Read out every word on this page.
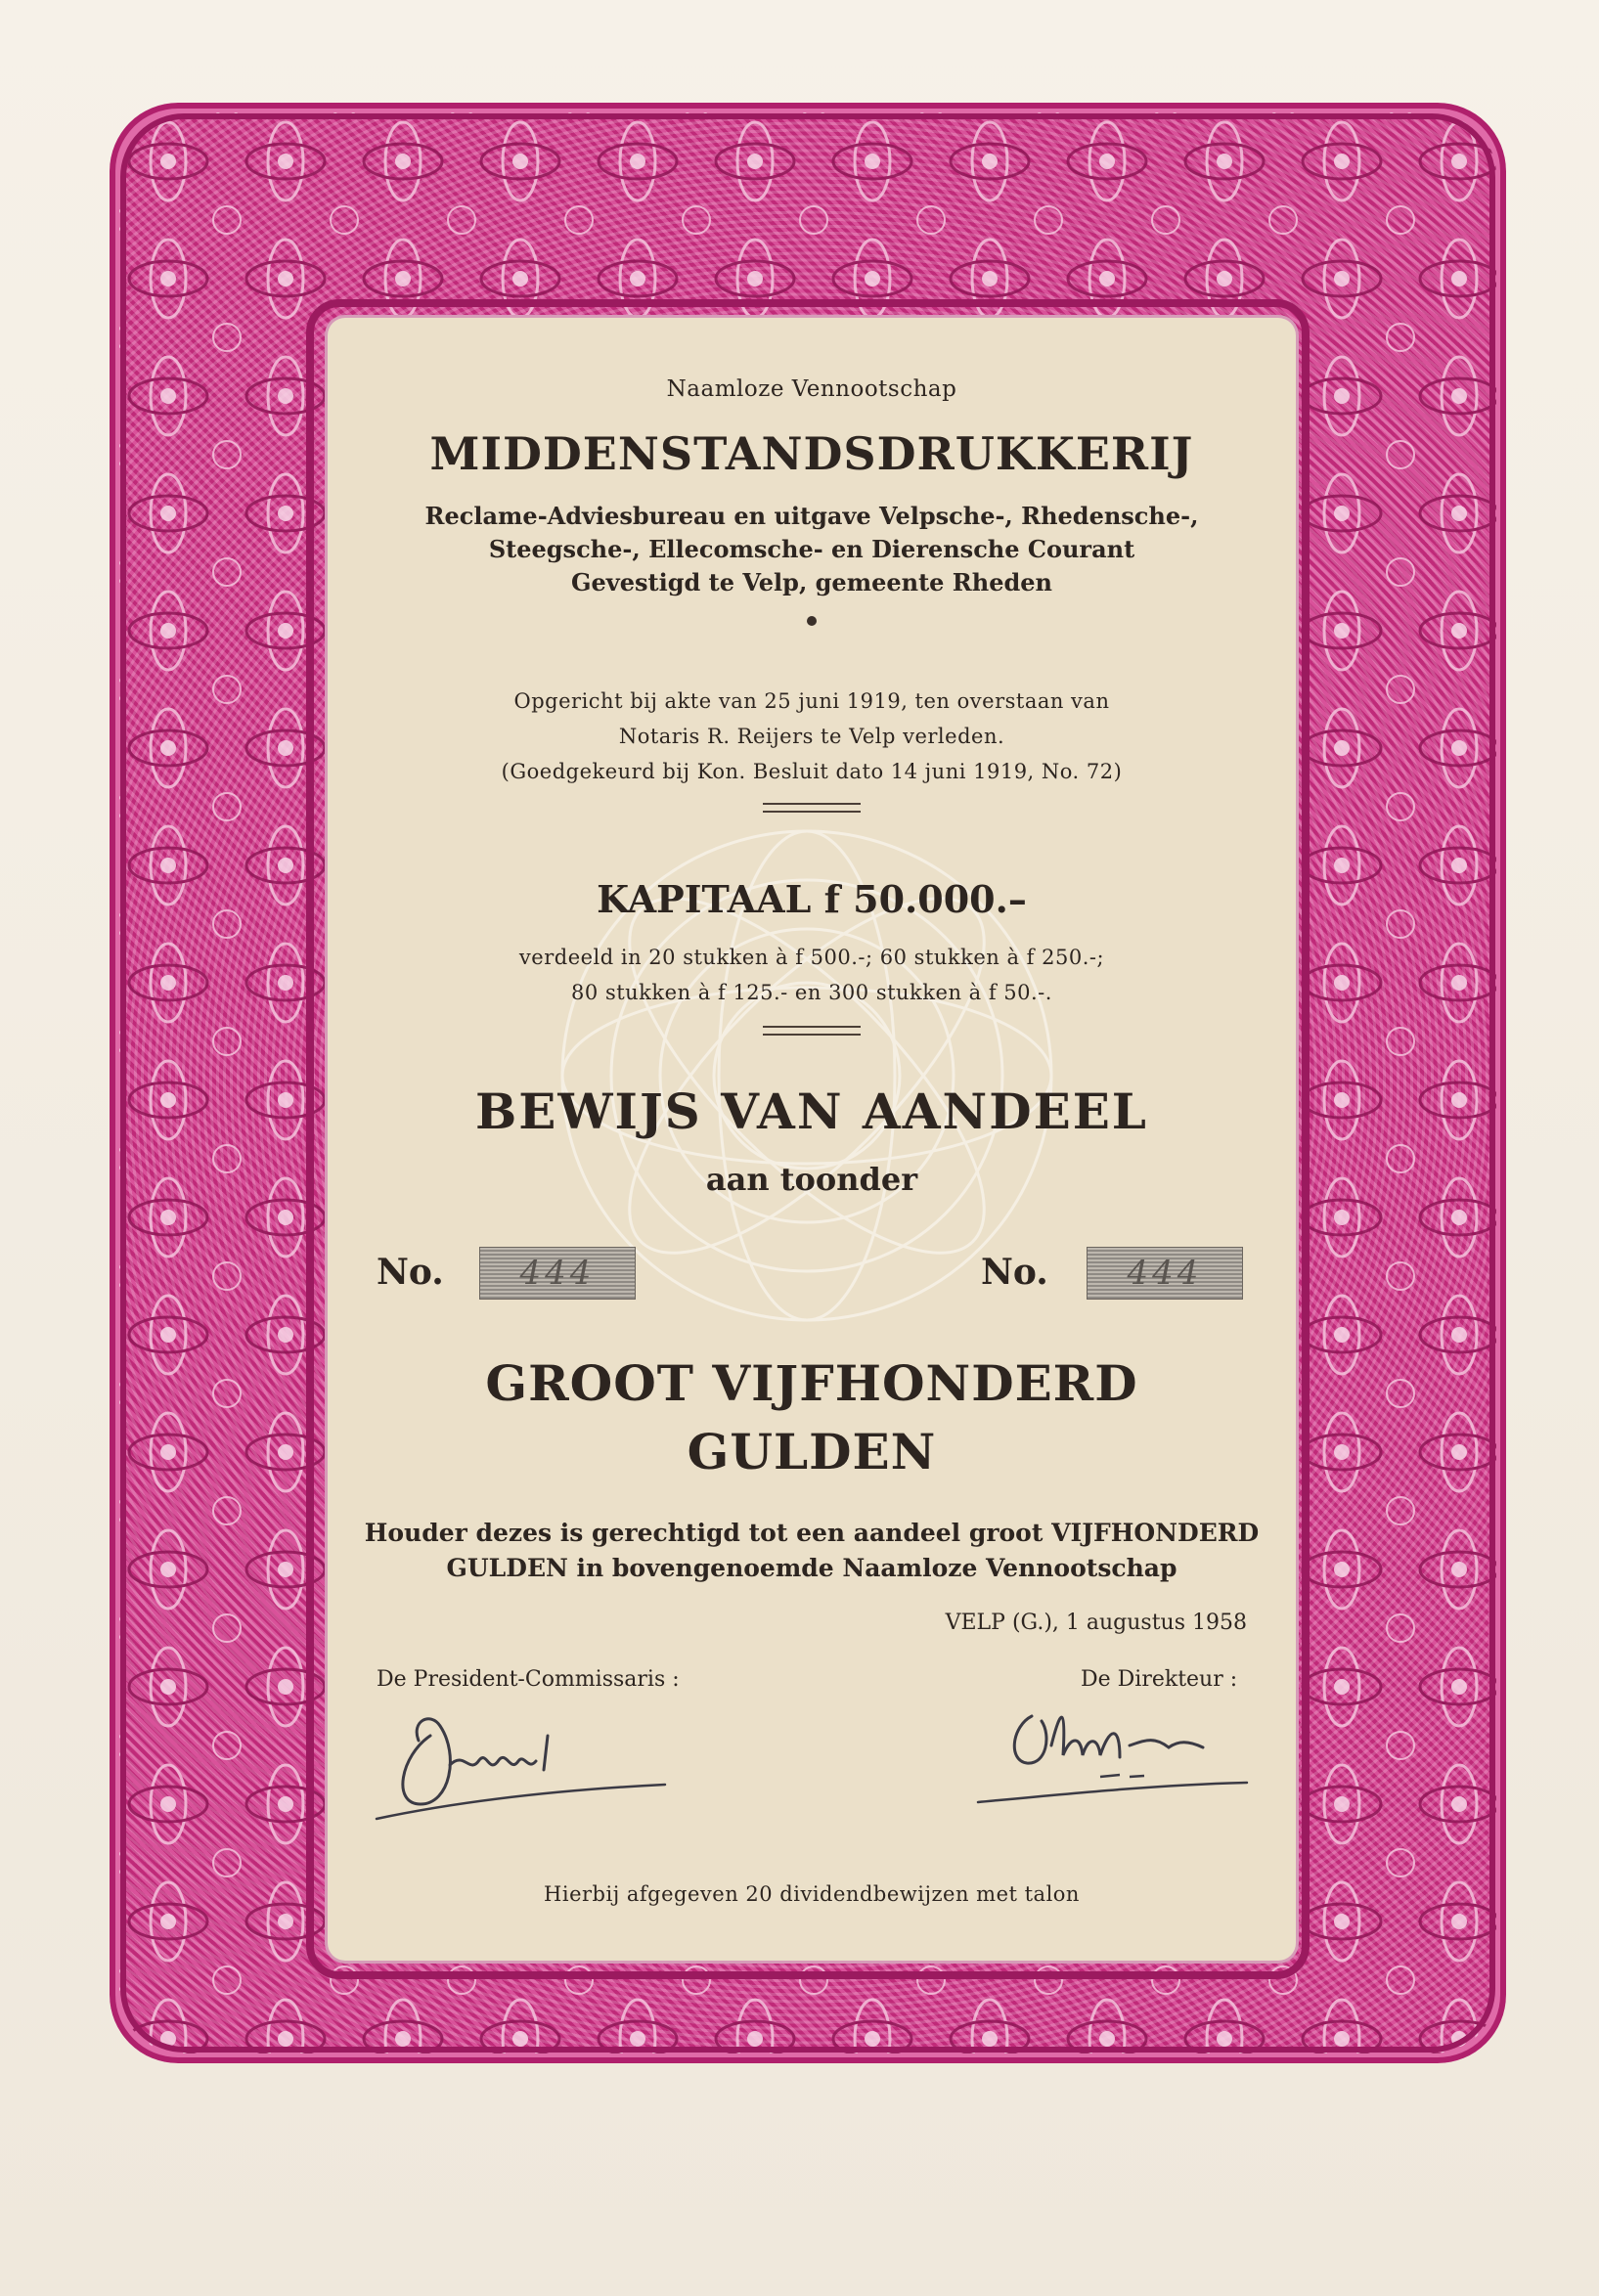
Naamloze Vennootschap
MIDDENSTANDSDRUKKERIJ
Reclame-Adviesbureau en uitgave Velpsche-, Rhedensche-,
Steegsche-, Ellecomsche- en Dierensche Courant
Gevestigd te Velp, gemeente Rheden
Opgericht bij akte van 25 juni 1919, ten overstaan van
Notaris R. Reijers te Velp verleden.
(Goedgekeurd bij Kon. Besluit dato 14 juni 1919, No. 72)
KAPITAAL f 50.000.–
verdeeld in 20 stukken à f 500.-; 60 stukken à f 250.-;
80 stukken à f 125.- en 300 stukken à f 50.-.
BEWIJS VAN AANDEEL
aan toonder
No.	444	No.	444
GROOT VIJFHONDERD
GULDEN
Houder dezes is gerechtigd tot een aandeel groot VIJFHONDERD
GULDEN in bovengenoemde Naamloze Vennootschap
VELP (G.), 1 augustus 1958
De President-Commissaris :	De Direkteur :
Hierbij afgegeven 20 dividendbewijzen met talon
